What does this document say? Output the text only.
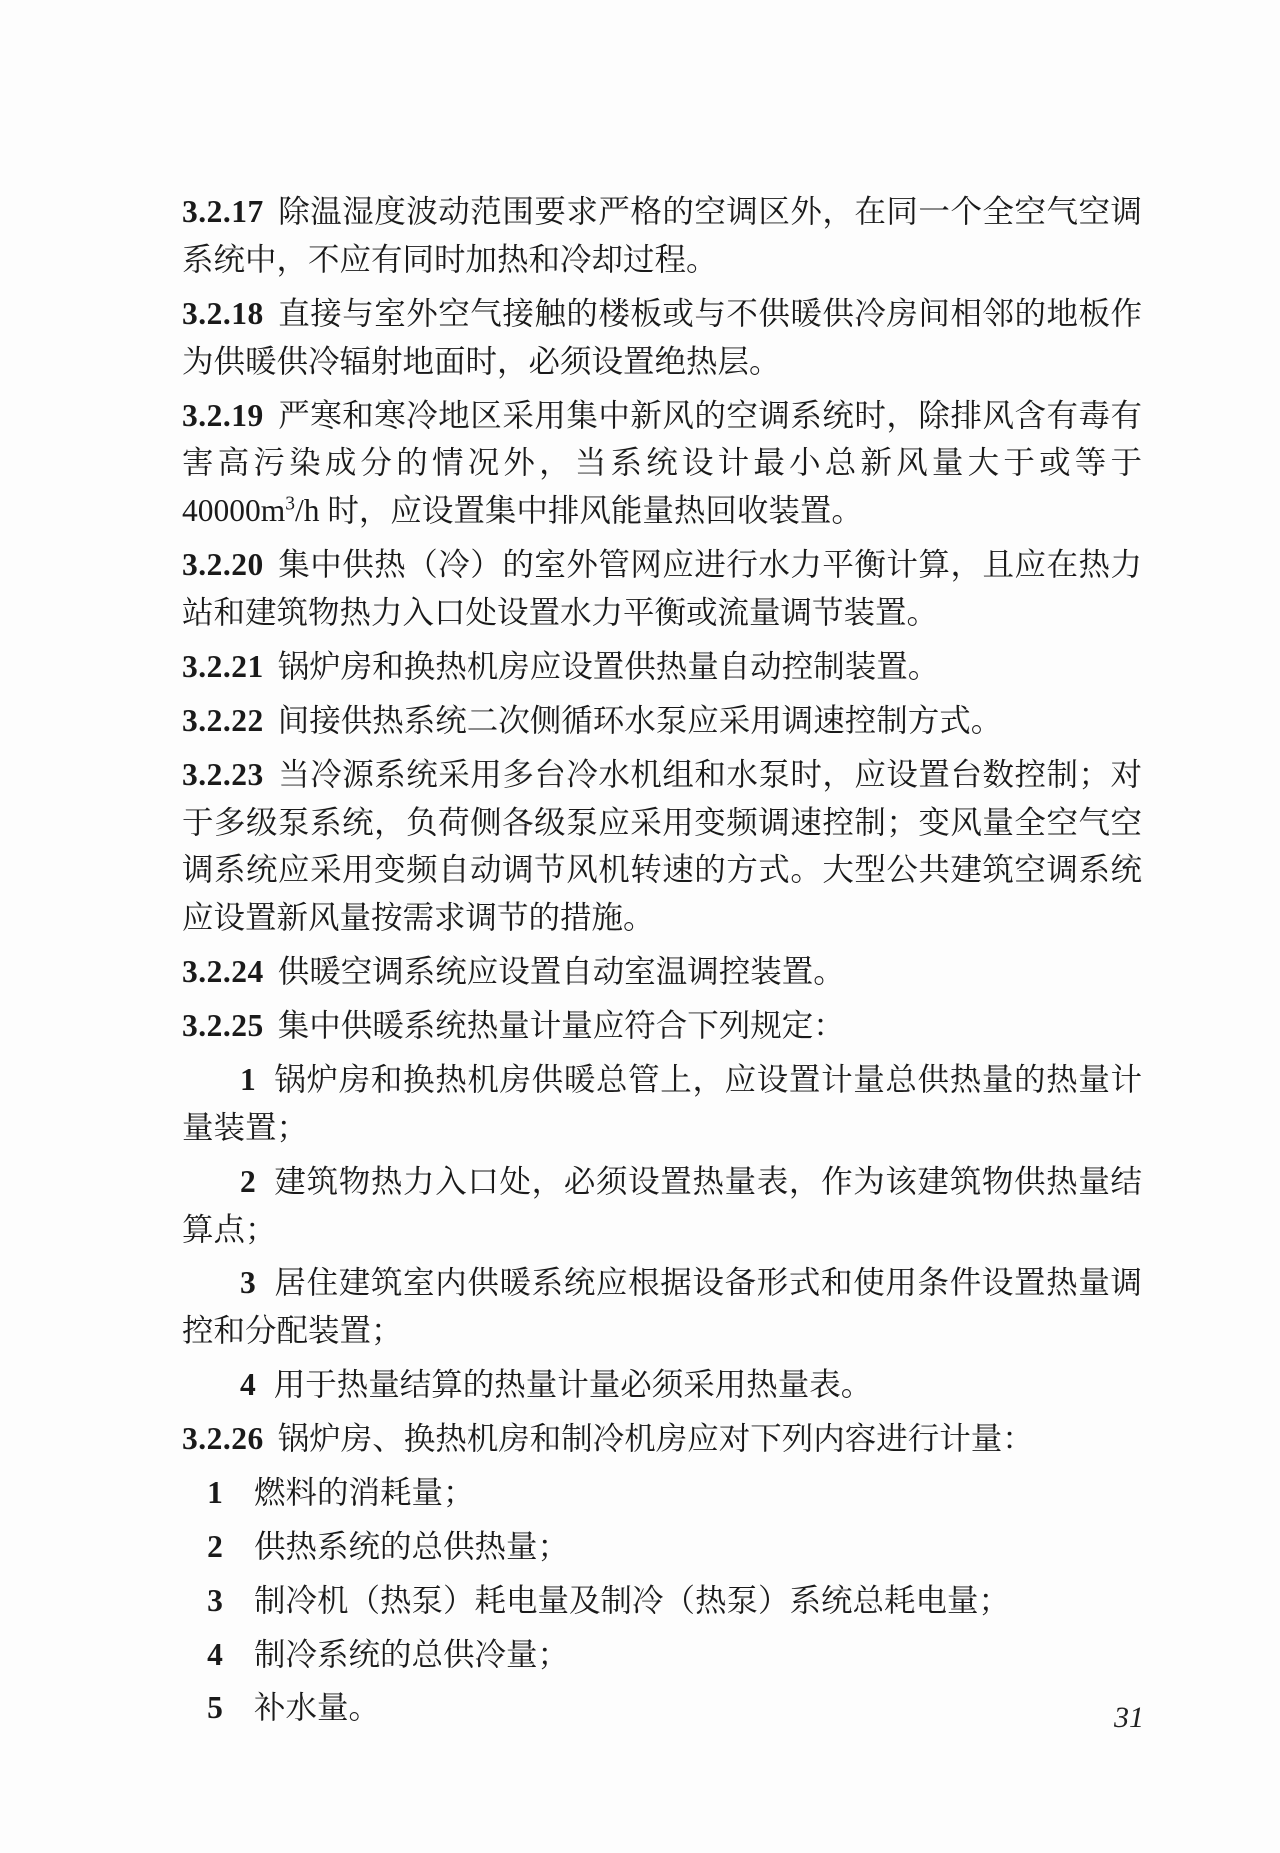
3.2.17 除温湿度波动范围要求严格的空调区外，在同一个全空气空调系统中，不应有同时加热和冷却过程。

3.2.18 直接与室外空气接触的楼板或与不供暖供冷房间相邻的地板作为供暖供冷辐射地面时，必须设置绝热层。

3.2.19 严寒和寒冷地区采用集中新风的空调系统时，除排风含有毒有害高污染成分的情况外，当系统设计最小总新风量大于或等于 $40000m^3/h$ 时，应设置集中排风能量热回收装置。

3.2.20 集中供热（冷）的室外管网应进行水力平衡计算，且应在热力站和建筑物热力入口处设置水力平衡或流量调节装置。

3.2.21 锅炉房和换热机房应设置供热量自动控制装置。

3.2.22 间接供热系统二次侧循环水泵应采用调速控制方式。

3.2.23 当冷源系统采用多台冷水机组和水泵时，应设置台数控制；对于多级泵系统，负荷侧各级泵应采用变频调速控制；变风量全空气空调系统应采用变频自动调节风机转速的方式。大型公共建筑空调系统应设置新风量按需求调节的措施。

3.2.24 供暖空调系统应设置自动室温调控装置。

3.2.25 集中供暖系统热量计量应符合下列规定：

1 锅炉房和换热机房供暖总管上，应设置计量总供热量的热量计量装置；

2 建筑物热力入口处，必须设置热量表，作为该建筑物供热量结算点；

3 居住建筑室内供暖系统应根据设备形式和使用条件设置热量调控和分配装置；

4 用于热量结算的热量计量必须采用热量表。

3.2.26 锅炉房、换热机房和制冷机房应对下列内容进行计量：

1 燃料的消耗量；

2 供热系统的总供热量；

3 制冷机（热泵）耗电量及制冷（热泵）系统总耗电量；

4 制冷系统的总供冷量；

5 补水量。	31
